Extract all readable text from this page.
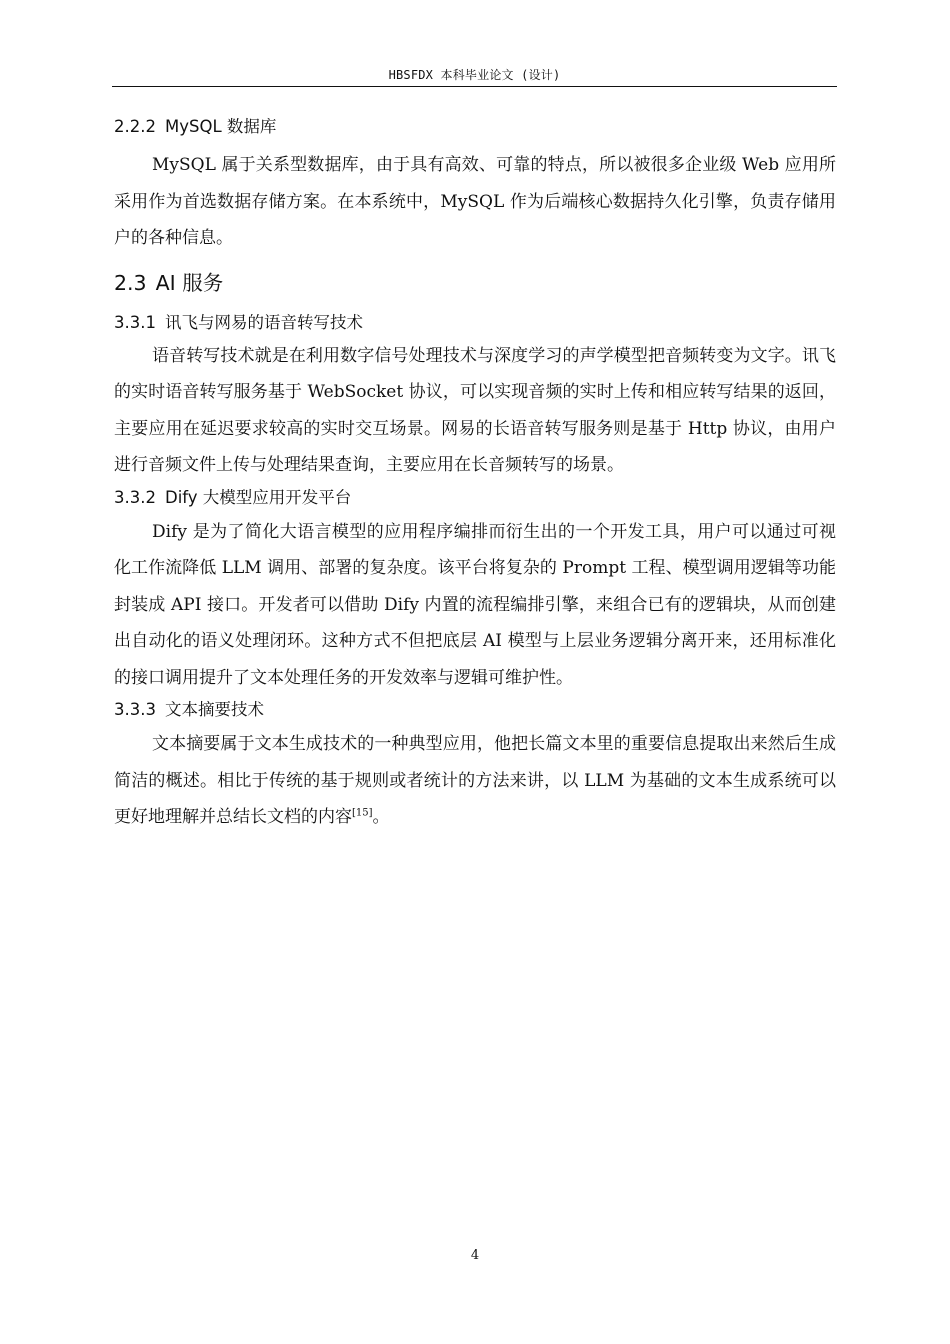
HBSFDX 本科毕业论文 (设计)
2.2.2 MySQL 数据库

MySQL 属于关系型数据库，由于具有高效、可靠的特点，所以被很多企业级 Web 应用所采用作为首选数据存储方案。在本系统中，MySQL 作为后端核心数据持久化引擎，负责存储用户的各种信息。

2.3 AI 服务
3.3.1 讯飞与网易的语音转写技术

语音转写技术就是在利用数字信号处理技术与深度学习的声学模型把音频转变为文字。讯飞的实时语音转写服务基于 WebSocket 协议，可以实现音频的实时上传和相应转写结果的返回，主要应用在延迟要求较高的实时交互场景。网易的长语音转写服务则是基于 Http 协议，由用户进行音频文件上传与处理结果查询，主要应用在长音频转写的场景。

3.3.2 Dify 大模型应用开发平台

Dify 是为了简化大语言模型的应用程序编排而衍生出的一个开发工具，用户可以通过可视化工作流降低 LLM 调用、部署的复杂度。该平台将复杂的 Prompt 工程、模型调用逻辑等功能封装成 API 接口。开发者可以借助 Dify 内置的流程编排引擎，来组合已有的逻辑块，从而创建出自动化的语义处理闭环。这种方式不但把底层 AI 模型与上层业务逻辑分离开来，还用标准化的接口调用提升了文本处理任务的开发效率与逻辑可维护性。

3.3.3 文本摘要技术

文本摘要属于文本生成技术的一种典型应用，他把长篇文本里的重要信息提取出来然后生成简洁的概述。相比于传统的基于规则或者统计的方法来讲，以 LLM 为基础的文本生成系统可以更好地理解并总结长文档的内容[15]。

4
